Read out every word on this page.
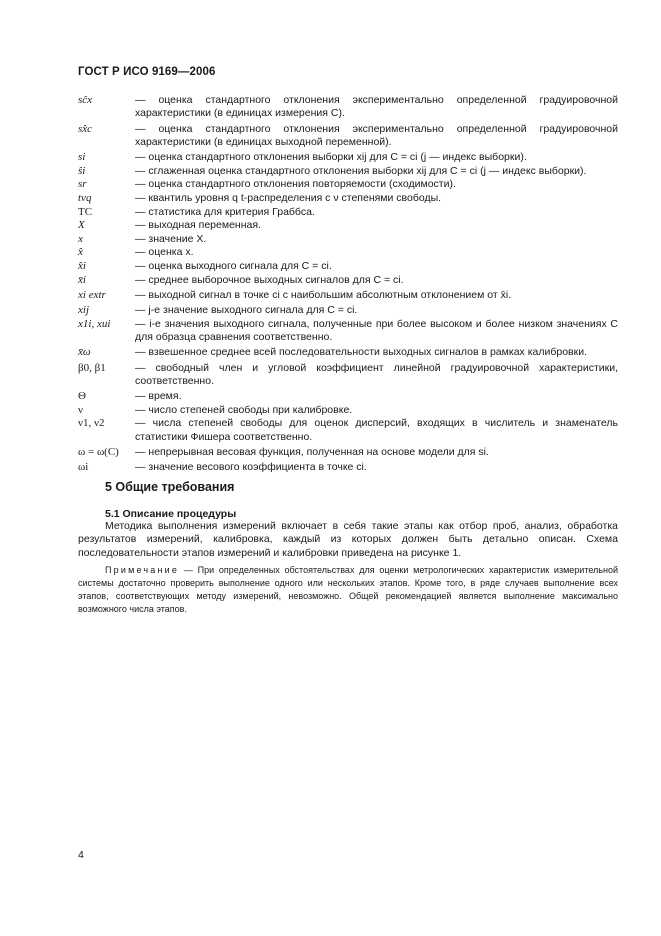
ГОСТ Р ИСО 9169—2006
sĉx	— оценка стандартного отклонения экспериментально определенной градуировочной характеристики (в единицах измерения C).
sx̂c	— оценка стандартного отклонения экспериментально определенной градуировочной характеристики (в единицах выходной переменной).
si	— оценка стандартного отклонения выборки xij для C = ci (j — индекс выборки).
ŝi	— сглаженная оценка стандартного отклонения выборки xij для C = ci (j — индекс выборки).
sr	— оценка стандартного отклонения повторяемости (сходимости).
tνq	— квантиль уровня q t-распределения с ν степенями свободы.
TC	— статистика для критерия Граббса.
X	— выходная переменная.
x	— значение X.
x̂	— оценка x.
x̂i	— оценка выходного сигнала для C = ci.
x̄i	— среднее выборочное выходных сигналов для C = ci.
xi extr	— выходной сигнал в точке ci с наибольшим абсолютным отклонением от x̄i.
xij	— j-е значение выходного сигнала для C = ci.
x1i, xui	— i-е значения выходного сигнала, полученные при более высоком и более низком значениях C для образца сравнения соответственно.
x̄ω	— взвешенное среднее всей последовательности выходных сигналов в рамках калибровки.
β0, β1	— свободный член и угловой коэффициент линейной градуировочной характеристики, соответственно.
Θ	— время.
ν	— число степеней свободы при калибровке.
ν1, ν2	— числа степеней свободы для оценок дисперсий, входящих в числитель и знаменатель статистики Фишера соответственно.
ω = ω(C)	— непрерывная весовая функция, полученная на основе модели для si.
ωi	— значение весового коэффициента в точке ci.
5 Общие требования
5.1 Описание процедуры
Методика выполнения измерений включает в себя такие этапы как отбор проб, анализ, обработка результатов измерений, калибровка, каждый из которых должен быть детально описан. Схема последовательности этапов измерений и калибровки приведена на рисунке 1.
Примечание — При определенных обстоятельствах для оценки метрологических характеристик измерительной системы достаточно проверить выполнение одного или нескольких этапов. Кроме того, в ряде случаев выполнение всех этапов, соответствующих методу измерений, невозможно. Общей рекомендацией является выполнение максимально возможного числа этапов.
4
